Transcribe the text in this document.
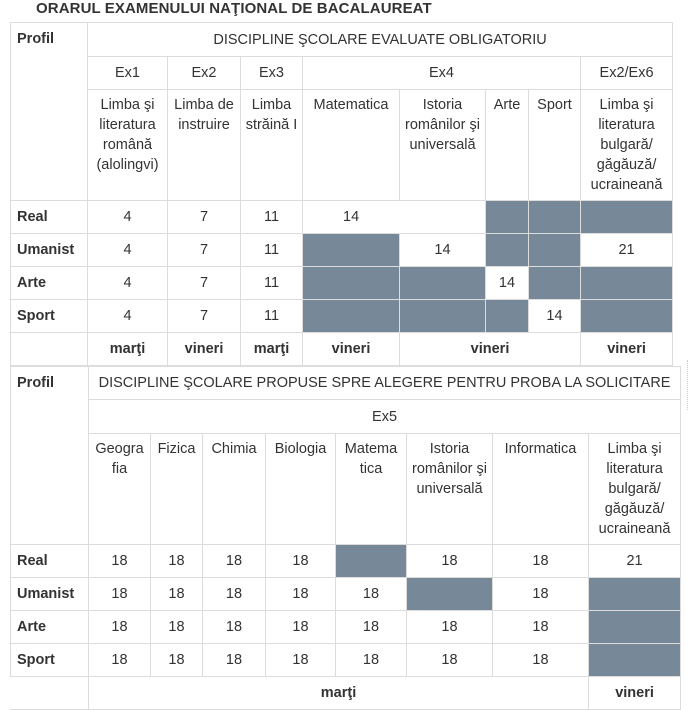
ORARUL EXAMENULUI NAŢIONAL DE BACALAUREAT
Profil	DISCIPLINE ŞCOLARE EVALUATE OBLIGATORIU							
	Ex1	Ex2	Ex3	Ex4				Ex2/Ex6
	Limba şi literatura română (alolingvi)	Limba de instruire	Limba străină I	Matematica	Istoria românilor şi universală	Arte	Sport	Limba şi literatura bulgară/ găgăuză/ ucraineană
Real	4	7	11	14				
Umanist	4	7	11		14			21
Arte	4	7	11			14		
Sport	4	7	11				14	
	marţi	vineri	marţi	vineri	vineri			vineri
Profil	DISCIPLINE ŞCOLARE PROPUSE SPRE ALEGERE PENTRU PROBA LA SOLICITARE							
	Ex5							
	Geogra fia	Fizica	Chimia	Biologia	Matema tica	Istoria românilor şi universală	Informatica	Limba şi literatura bulgară/ găgăuză/ ucraineană
Real	18	18	18	18		18	18	21
Umanist	18	18	18	18	18		18	
Arte	18	18	18	18	18	18	18	
Sport	18	18	18	18	18	18	18	
	marţi							vineri
